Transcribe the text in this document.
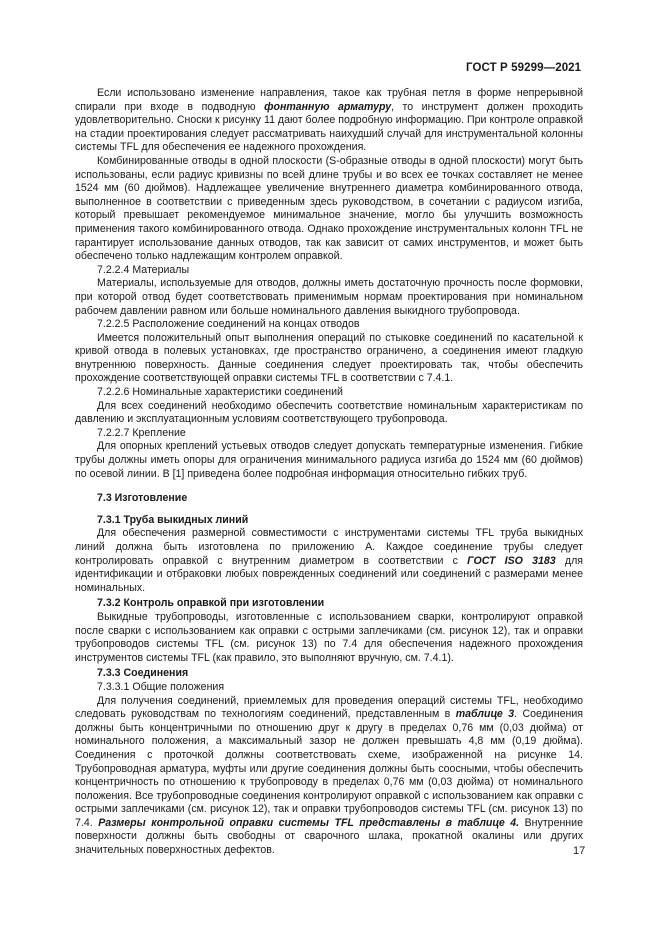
ГОСТ Р 59299—2021

Если использовано изменение направления, такое как трубная петля в форме непрерывной спирали при входе в подводную фонтанную арматуру, то инструмент должен проходить удовлетворительно. Сноски к рисунку 11 дают более подробную информацию. При контроле оправкой на стадии проектирования следует рассматривать наихудший случай для инструментальной колонны системы TFL для обеспечения ее надежного прохождения.

Комбинированные отводы в одной плоскости (S-образные отводы в одной плоскости) могут быть использованы, если радиус кривизны по всей длине трубы и во всех ее точках составляет не менее 1524 мм (60 дюймов). Надлежащее увеличение внутреннего диаметра комбинированного отвода, выполненное в соответствии с приведенным здесь руководством, в сочетании с радиусом изгиба, который превышает рекомендуемое минимальное значение, могло бы улучшить возможность применения такого комбинированного отвода. Однако прохождение инструментальных колонн TFL не гарантирует использование данных отводов, так как зависит от самих инструментов, и может быть обеспечено только надлежащим контролем оправкой.

7.2.2.4 Материалы

Материалы, используемые для отводов, должны иметь достаточную прочность после формовки, при которой отвод будет соответствовать применимым нормам проектирования при номинальном рабочем давлении равном или больше номинального давления выкидного трубопровода.

7.2.2.5 Расположение соединений на концах отводов

Имеется положительный опыт выполнения операций по стыковке соединений по касательной к кривой отвода в полевых установках, где пространство ограничено, а соединения имеют гладкую внутреннюю поверхность. Данные соединения следует проектировать так, чтобы обеспечить прохождение соответствующей оправки системы TFL в соответствии с 7.4.1.

7.2.2.6 Номинальные характеристики соединений

Для всех соединений необходимо обеспечить соответствие номинальным характеристикам по давлению и эксплуатационным условиям соответствующего трубопровода.

7.2.2.7 Крепление

Для опорных креплений устьевых отводов следует допускать температурные изменения. Гибкие трубы должны иметь опоры для ограничения минимального радиуса изгиба до 1524 мм (60 дюймов) по осевой линии. В [1] приведена более подробная информация относительно гибких труб.

7.3 Изготовление

7.3.1 Труба выкидных линий

Для обеспечения размерной совместимости с инструментами системы TFL труба выкидных линий должна быть изготовлена по приложению А. Каждое соединение трубы следует контролировать оправкой с внутренним диаметром в соответствии с ГОСТ ISO 3183 для идентификации и отбраковки любых поврежденных соединений или соединений с размерами менее номинальных.

7.3.2 Контроль оправкой при изготовлении

Выкидные трубопроводы, изготовленные с использованием сварки, контролируют оправкой после сварки с использованием как оправки с острыми заплечиками (см. рисунок 12), так и оправки трубопроводов системы TFL (см. рисунок 13) по 7.4 для обеспечения надежного прохождения инструментов системы TFL (как правило, это выполняют вручную, см. 7.4.1).

7.3.3 Соединения

7.3.3.1 Общие положения

Для получения соединений, приемлемых для проведения операций системы TFL, необходимо следовать руководствам по технологиям соединений, представленным в таблице 3. Соединения должны быть концентричными по отношению друг к другу в пределах 0,76 мм (0,03 дюйма) от номинального положения, а максимальный зазор не должен превышать 4,8 мм (0,19 дюйма). Соединения с проточкой должны соответствовать схеме, изображенной на рисунке 14. Трубопроводная арматура, муфты или другие соединения должны быть соосными, чтобы обеспечить концентричность по отношению к трубопроводу в пределах 0,76 мм (0,03 дюйма) от номинального положения. Все трубопроводные соединения контролируют оправкой с использованием как оправки с острыми заплечиками (см. рисунок 12), так и оправки трубопроводов системы TFL (см. рисунок 13) по 7.4. Размеры контрольной оправки системы TFL представлены в таблице 4. Внутренние поверхности должны быть свободны от сварочного шлака, прокатной окалины или других значительных поверхностных дефектов.	17
